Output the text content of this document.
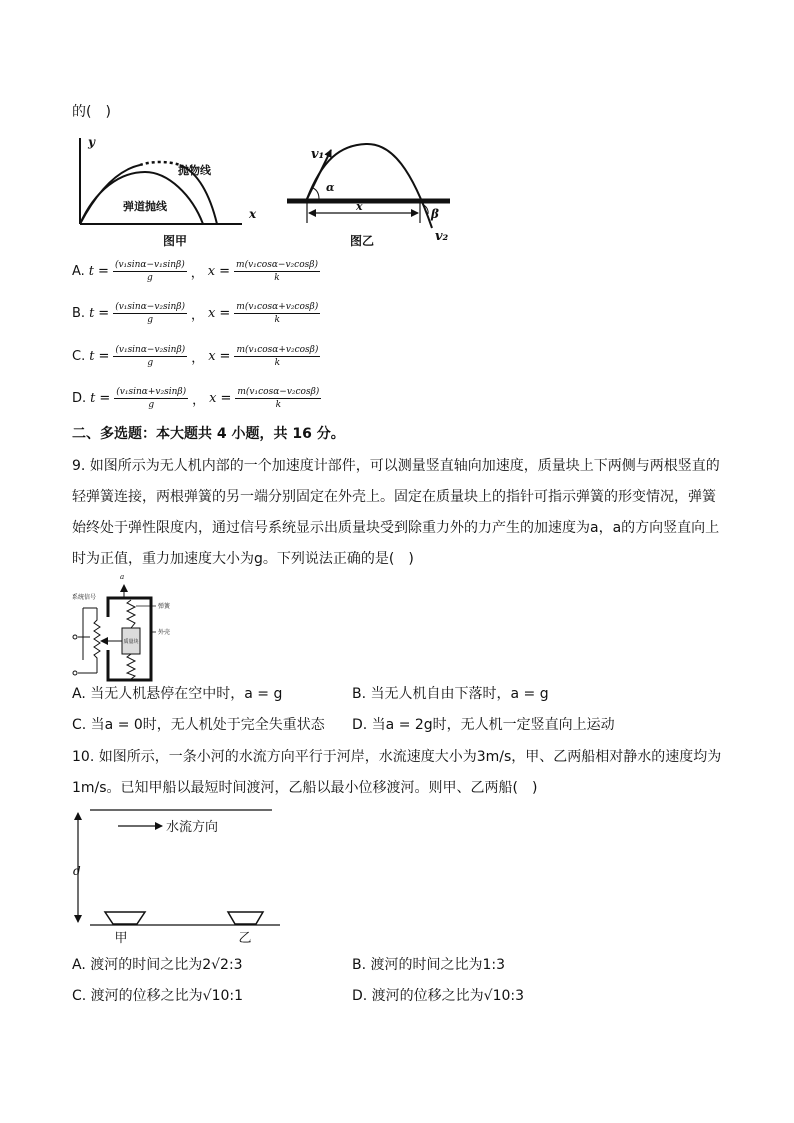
的(　)
y
x
抛物线
弹道抛线
图甲
v₁
α
x
β
v₂
图乙
A. $t = \frac{\text{(v₁sinα−v₁sinβ)}}{g}$ ， $x = \frac{\text{m(v₁cosα−v₂cosβ)}}{k}$
B. $t = \frac{\text{(v₁sinα−v₂sinβ)}}{g}$ ， $x = \frac{\text{m(v₁cosα+v₂cosβ)}}{k}$
C. $t = \frac{\text{(v₁sinα−v₂sinβ)}}{g}$ ， $x = \frac{\text{m(v₁cosα+v₂cosβ)}}{k}$
D. $t = \frac{\text{(v₁sinα+v₂sinβ)}}{g}$ ， $x = \frac{\text{m(v₁cosα−v₂cosβ)}}{k}$
二、多选题：本大题共 4 小题，共 16 分。
9. 如图所示为无人机内部的一个加速度计部件，可以测量竖直轴向加速度，质量块上下两侧与两根竖直的
轻弹簧连接，两根弹簧的另一端分别固定在外壳上。固定在质量块上的指针可指示弹簧的形变情况，弹簧
始终处于弹性限度内，通过信号系统显示出质量块受到除重力外的力产生的加速度为a，a的方向竖直向上
时为正值，重力加速度大小为g。下列说法正确的是(　)
a
系统信号
质量块
弹簧
外壳
A. 当无人机悬停在空中时，a = g	B. 当无人机自由下落时，a = g
C. 当a = 0时，无人机处于完全失重状态 D. 当a = 2g时，无人机一定竖直向上运动
10. 如图所示，一条小河的水流方向平行于河岸，水流速度大小为3m/s，甲、乙两船相对静水的速度均为
1m/s。已知甲船以最短时间渡河，乙船以最小位移渡河。则甲、乙两船(　)
水流方向
d
甲	乙
A. 渡河的时间之比为2√2:3	B. 渡河的时间之比为1:3
C. 渡河的位移之比为√10:1	D. 渡河的位移之比为√10:3
